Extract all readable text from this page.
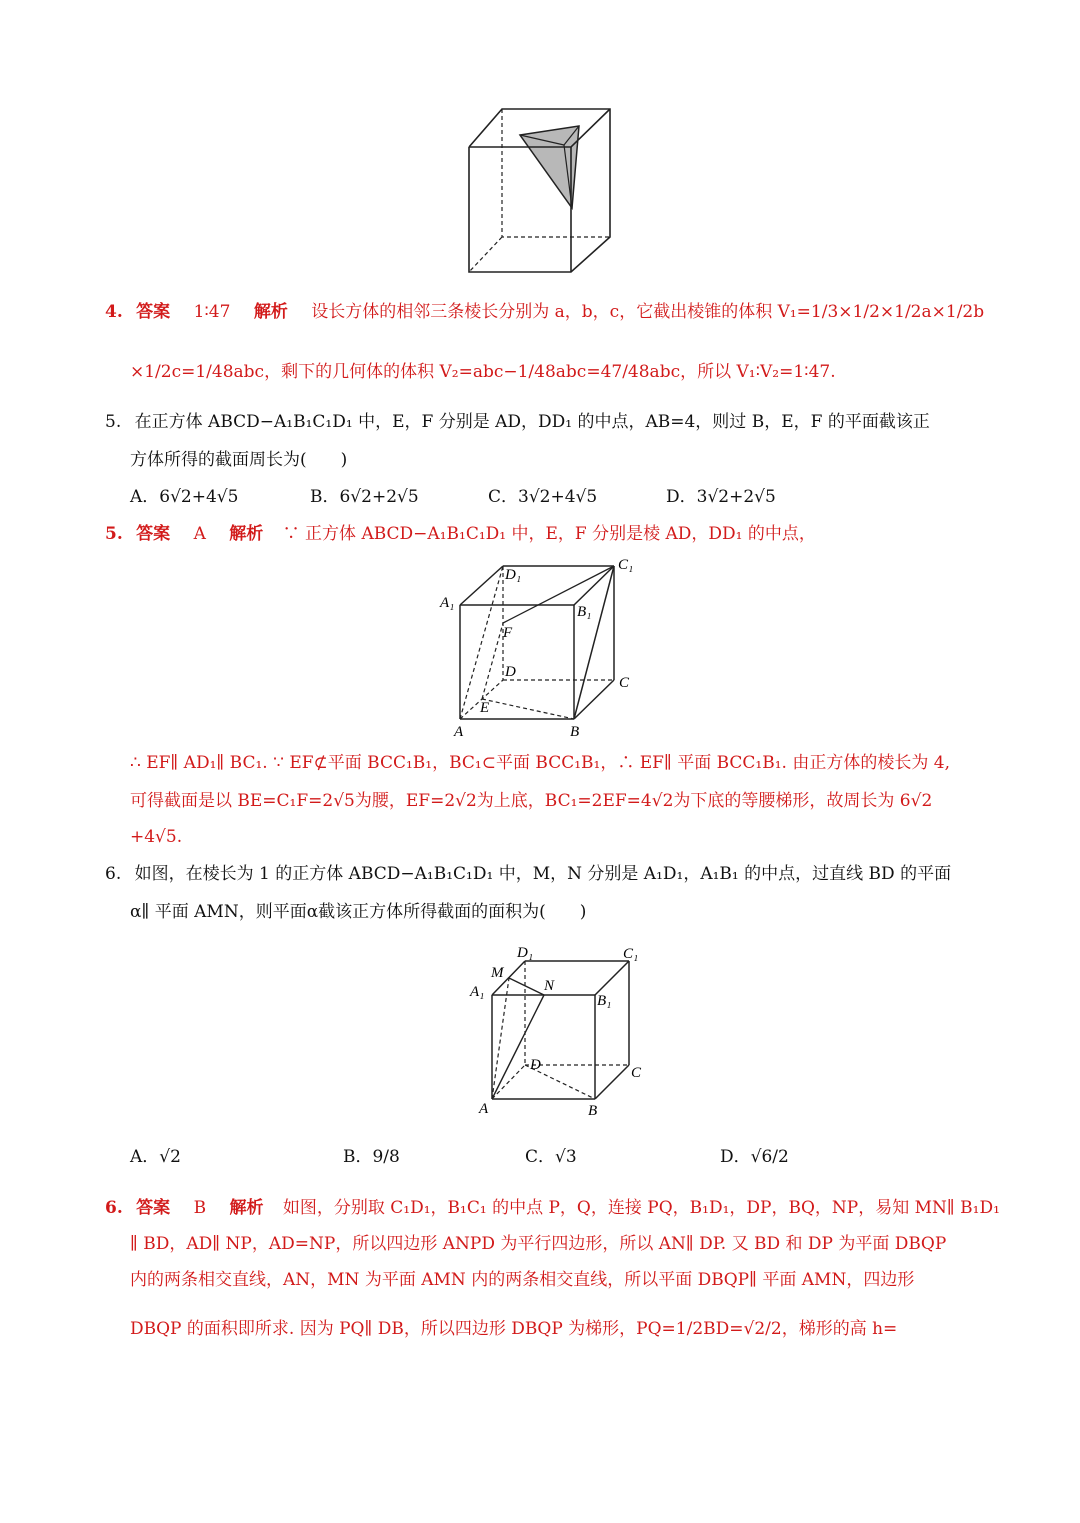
4. 答案 1∶47 解析 设长方体的相邻三条棱长分别为 a，b，c，它截出棱锥的体积 V₁=1/3×1/2×1/2a×1/2b
×1/2c=1/48abc，剩下的几何体的体积 V₂=abc−1/48abc=47/48abc，所以 V₁∶V₂=1∶47.
5. 在正方体 ABCD−A₁B₁C₁D₁ 中，E，F 分别是 AD，DD₁ 的中点，AB=4，则过 B，E，F 的平面截该正
方体所得的截面周长为(　　)
A．6√2+4√5	B．6√2+2√5	C．3√2+4√5	D．3√2+2√5
5. 答案 A 解析 ∵ 正方体 ABCD−A₁B₁C₁D₁ 中，E，F 分别是棱 AD，DD₁ 的中点，
A	B
C
D
A₁
B₁
C₁
D₁
E
F
∴ EF∥ AD₁∥ BC₁. ∵ EF⊄平面 BCC₁B₁，BC₁⊂平面 BCC₁B₁，∴ EF∥ 平面 BCC₁B₁. 由正方体的棱长为 4,
可得截面是以 BE=C₁F=2√5为腰，EF=2√2为上底，BC₁=2EF=4√2为下底的等腰梯形，故周长为 6√2
+4√5.
6. 如图，在棱长为 1 的正方体 ABCD−A₁B₁C₁D₁ 中，M，N 分别是 A₁D₁，A₁B₁ 的中点，过直线 BD 的平面
α∥ 平面 AMN，则平面α截该正方体所得截面的面积为(　　)
A	B
C
D
A₁
B₁
C₁
D₁
M
N
A．√2	B．9/8	C．√3	D．√6/2
6. 答案 B 解析 如图，分别取 C₁D₁，B₁C₁ 的中点 P，Q，连接 PQ，B₁D₁，DP，BQ，NP，易知 MN∥ B₁D₁
∥ BD，AD∥ NP，AD=NP，所以四边形 ANPD 为平行四边形，所以 AN∥ DP. 又 BD 和 DP 为平面 DBQP
内的两条相交直线，AN，MN 为平面 AMN 内的两条相交直线，所以平面 DBQP∥ 平面 AMN，四边形
DBQP 的面积即所求. 因为 PQ∥ DB，所以四边形 DBQP 为梯形，PQ=1/2BD=√2/2，梯形的高 h=
